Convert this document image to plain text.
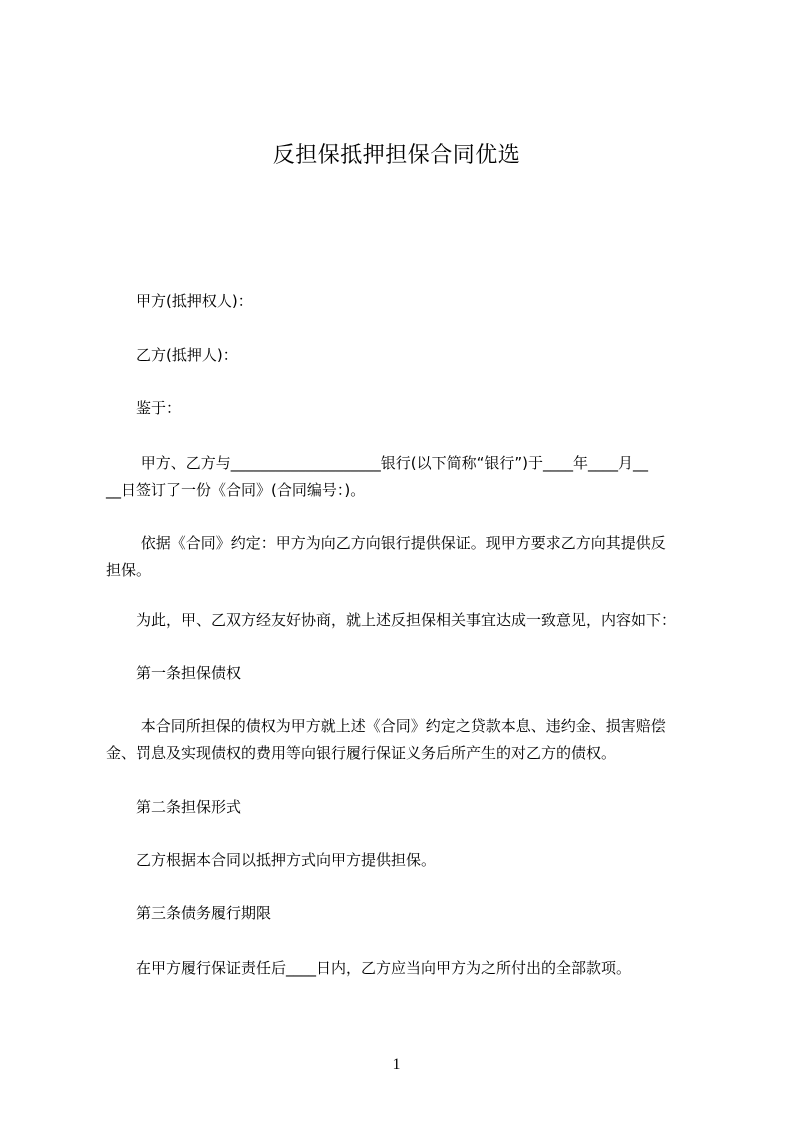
反担保抵押担保合同优选
甲方(抵押权人)：
乙方(抵押人)：
鉴于：
甲方、乙方与____________________银行(以下简称“银行”)于____年____月__
__日签订了一份《合同》(合同编号：)。
依据《合同》约定：甲方为向乙方向银行提供保证。现甲方要求乙方向其提供反
担保。
为此，甲、乙双方经友好协商，就上述反担保相关事宜达成一致意见，内容如下：
第一条担保债权
本合同所担保的债权为甲方就上述《合同》约定之贷款本息、违约金、损害赔偿
金、罚息及实现债权的费用等向银行履行保证义务后所产生的对乙方的债权。
第二条担保形式
乙方根据本合同以抵押方式向甲方提供担保。
第三条债务履行期限
在甲方履行保证责任后____日内，乙方应当向甲方为之所付出的全部款项。
1
